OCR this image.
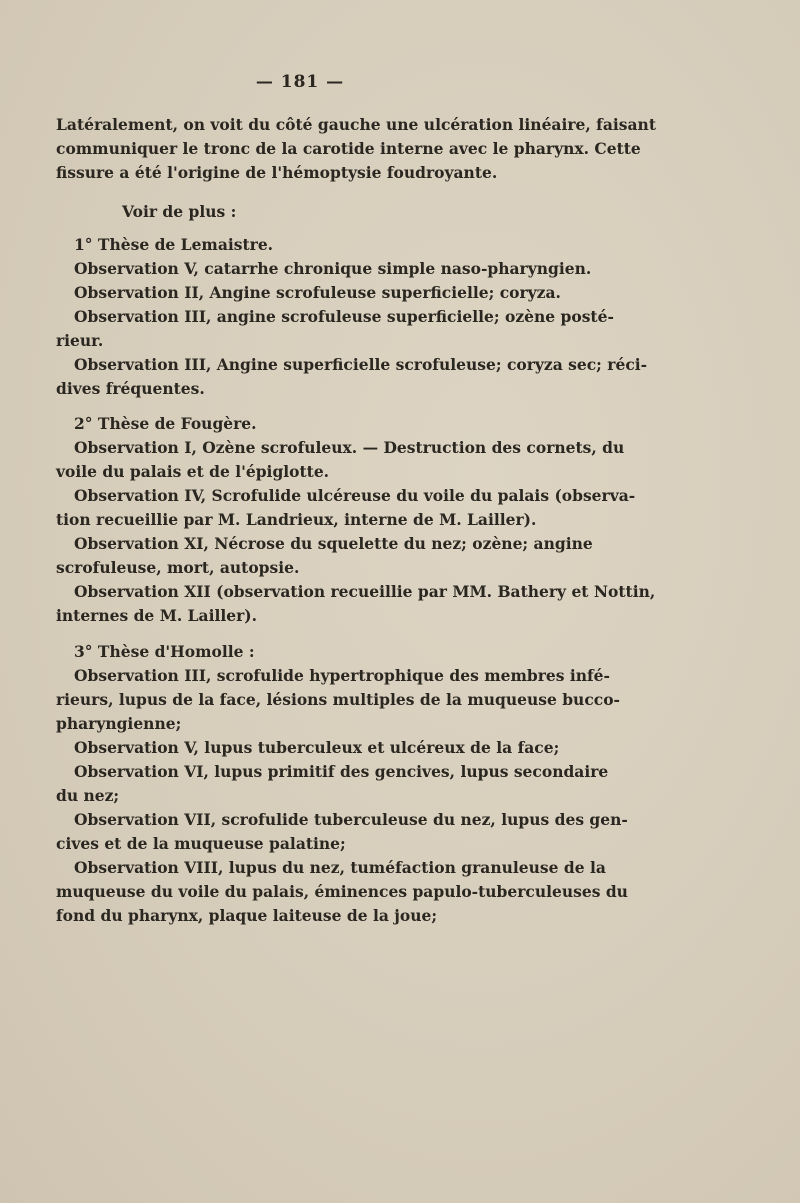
— 181 —
Latéralement, on voit du côté gauche une ulcération linéaire, faisant
communiquer le tronc de la carotide interne avec le pharynx. Cette
fissure a été l'origine de l'hémoptysie foudroyante.
Voir de plus :
1° Thèse de Lemaistre.
Observation V, catarrhe chronique simple naso-pharyngien.
Observation II, Angine scrofuleuse superficielle; coryza.
Observation III, angine scrofuleuse superficielle; ozène posté-
rieur.
Observation III, Angine superficielle scrofuleuse; coryza sec; réci-
dives fréquentes.
2° Thèse de Fougère.
Observation I, Ozène scrofuleux. — Destruction des cornets, du
voile du palais et de l'épiglotte.
Observation IV, Scrofulide ulcéreuse du voile du palais (observa-
tion recueillie par M. Landrieux, interne de M. Lailler).
Observation XI, Nécrose du squelette du nez; ozène; angine
scrofuleuse, mort, autopsie.
Observation XII (observation recueillie par MM. Bathery et Nottin,
internes de M. Lailler).
3° Thèse d'Homolle :
Observation III, scrofulide hypertrophique des membres infé-
rieurs, lupus de la face, lésions multiples de la muqueuse bucco-
pharyngienne;
Observation V, lupus tuberculeux et ulcéreux de la face;
Observation VI, lupus primitif des gencives, lupus secondaire
du nez;
Observation VII, scrofulide tuberculeuse du nez, lupus des gen-
cives et de la muqueuse palatine;
Observation VIII, lupus du nez, tuméfaction granuleuse de la
muqueuse du voile du palais, éminences papulo-tuberculeuses du
fond du pharynx, plaque laiteuse de la joue;
